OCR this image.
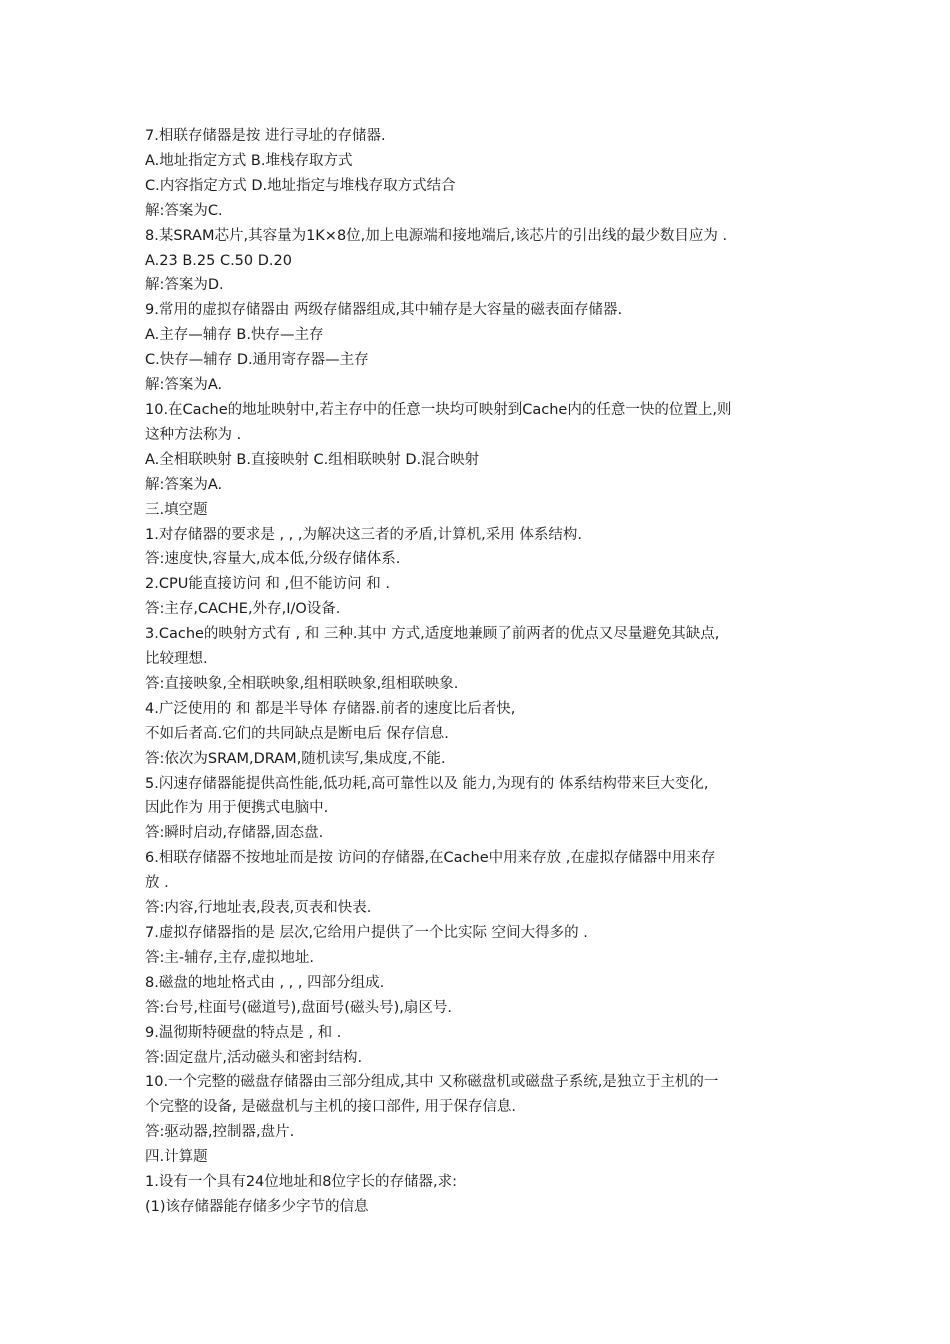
7.相联存储器是按 进行寻址的存储器.
A.地址指定方式 B.堆栈存取方式
C.内容指定方式 D.地址指定与堆栈存取方式结合
解:答案为C.
8.某SRAM芯片,其容量为1K×8位,加上电源端和接地端后,该芯片的引出线的最少数目应为 .
A.23 B.25 C.50 D.20
解:答案为D.
9.常用的虚拟存储器由 两级存储器组成,其中辅存是大容量的磁表面存储器.
A.主存—辅存 B.快存—主存
C.快存—辅存 D.通用寄存器—主存
解:答案为A.
10.在Cache的地址映射中,若主存中的任意一块均可映射到Cache内的任意一快的位置上,则
这种方法称为 .
A.全相联映射 B.直接映射 C.组相联映射 D.混合映射
解:答案为A.
三.填空题
1.对存储器的要求是 , , ,为解决这三者的矛盾,计算机,采用 体系结构.
答:速度快,容量大,成本低,分级存储体系.
2.CPU能直接访问 和 ,但不能访问 和 .
答:主存,CACHE,外存,I/O设备.
3.Cache的映射方式有 , 和 三种.其中 方式,适度地兼顾了前两者的优点又尽量避免其缺点,
比较理想.
答:直接映象,全相联映象,组相联映象,组相联映象.
4.广泛使用的 和 都是半导体 存储器.前者的速度比后者快,
不如后者高.它们的共同缺点是断电后 保存信息.
答:依次为SRAM,DRAM,随机读写,集成度,不能.
5.闪速存储器能提供高性能,低功耗,高可靠性以及 能力,为现有的 体系结构带来巨大变化,
因此作为 用于便携式电脑中.
答:瞬时启动,存储器,固态盘.
6.相联存储器不按地址而是按 访问的存储器,在Cache中用来存放 ,在虚拟存储器中用来存
放 .
答:内容,行地址表,段表,页表和快表.
7.虚拟存储器指的是 层次,它给用户提供了一个比实际 空间大得多的 .
答:主-辅存,主存,虚拟地址.
8.磁盘的地址格式由 , , , 四部分组成.
答:台号,柱面号(磁道号),盘面号(磁头号),扇区号.
9.温彻斯特硬盘的特点是 , 和 .
答:固定盘片,活动磁头和密封结构.
10.一个完整的磁盘存储器由三部分组成,其中 又称磁盘机或磁盘子系统,是独立于主机的一
个完整的设备, 是磁盘机与主机的接口部件, 用于保存信息.
答:驱动器,控制器,盘片.
四.计算题
1.设有一个具有24位地址和8位字长的存储器,求:
(1)该存储器能存储多少字节的信息
